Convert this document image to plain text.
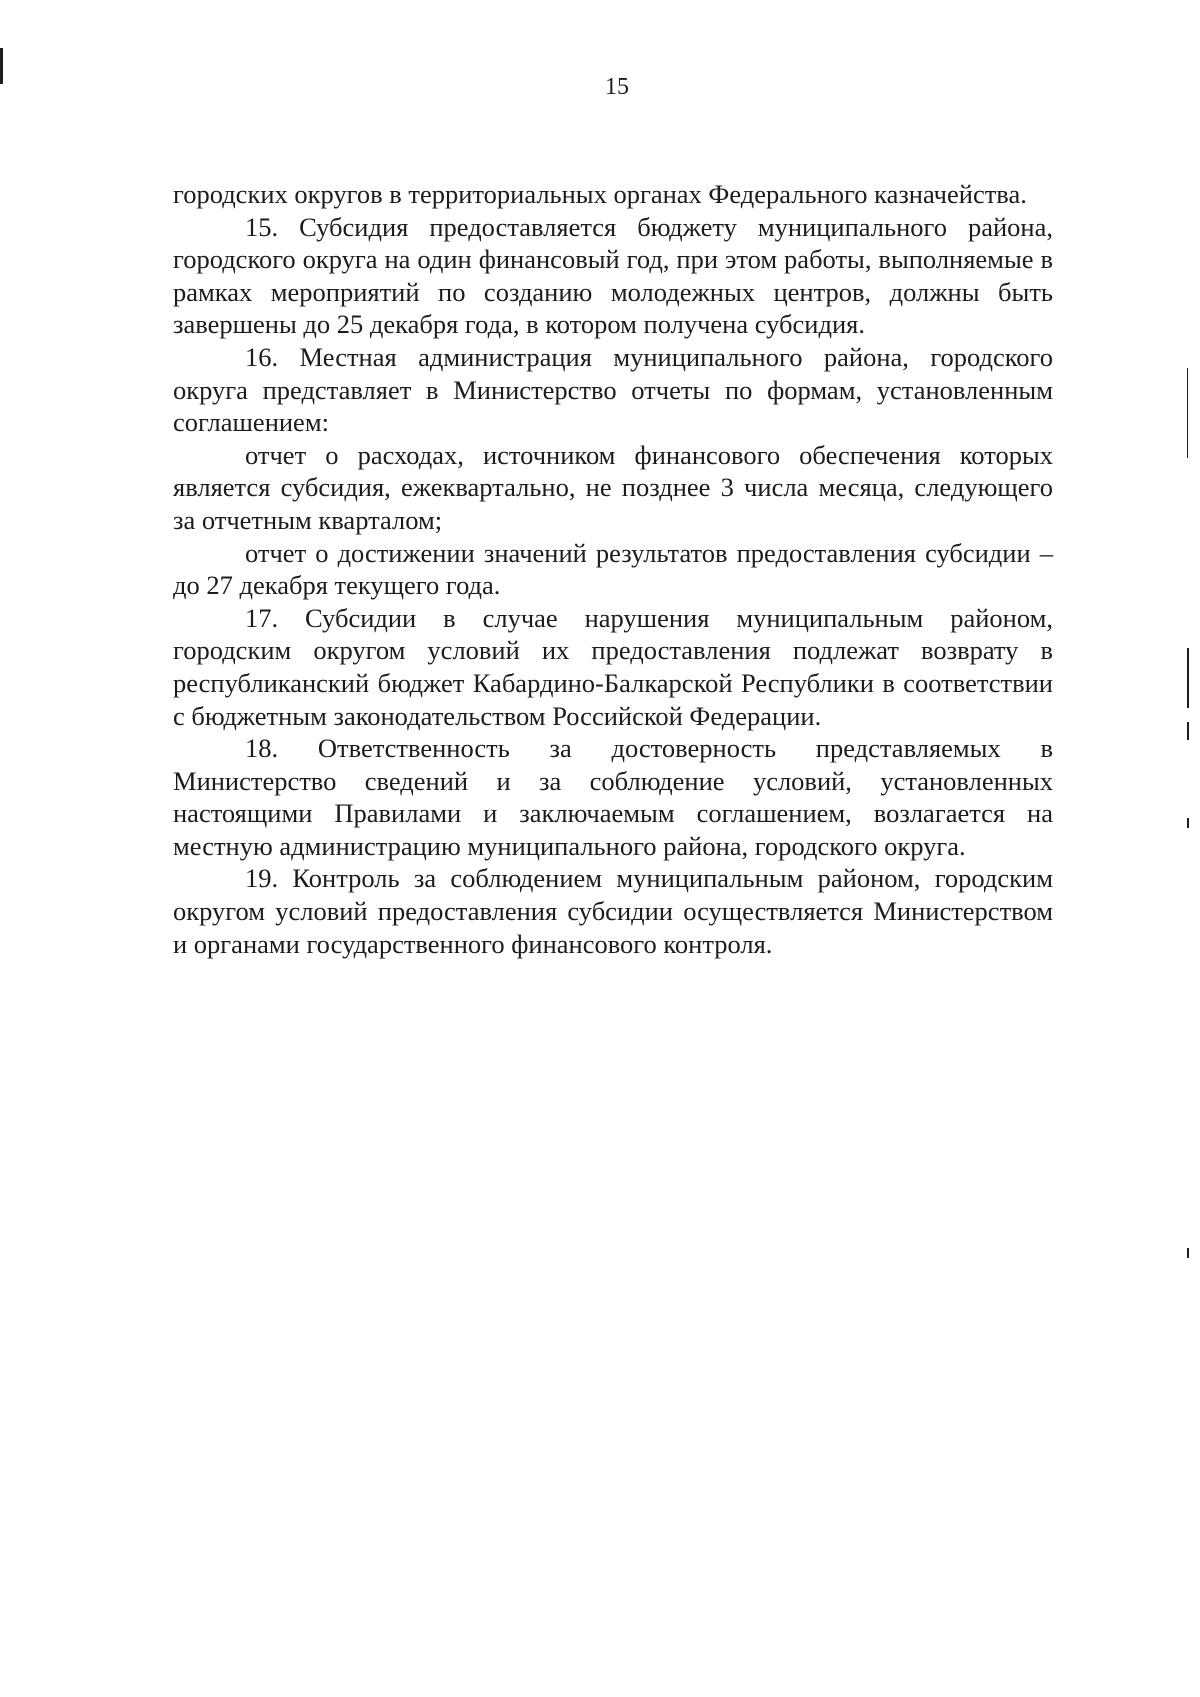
15

городских округов в территориальных органах Федерального казначейства.

15. Субсидия предоставляется бюджету муниципального района, городского округа на один финансовый год, при этом работы, выполняемые в рамках мероприятий по созданию молодежных центров, должны быть завершены до 25 декабря года, в котором получена субсидия.

16. Местная администрация муниципального района, городского округа представляет в Министерство отчеты по формам, установленным соглашением:

отчет о расходах, источником финансового обеспечения которых является субсидия, ежеквартально, не позднее 3 числа месяца, следующего за отчетным кварталом;

отчет о достижении значений результатов предоставления субсидии – до 27 декабря текущего года.

17. Субсидии в случае нарушения муниципальным районом, городским округом условий их предоставления подлежат возврату в республиканский бюджет Кабардино-Балкарской Республики в соответствии с бюджетным законодательством Российской Федерации.

18. Ответственность за достоверность представляемых в Министерство сведений и за соблюдение условий, установленных настоящими Правилами и заключаемым соглашением, возлагается на местную администрацию муниципального района, городского округа.

19. Контроль за соблюдением муниципальным районом, городским округом условий предоставления субсидии осуществляется Министерством и органами государственного финансового контроля.
